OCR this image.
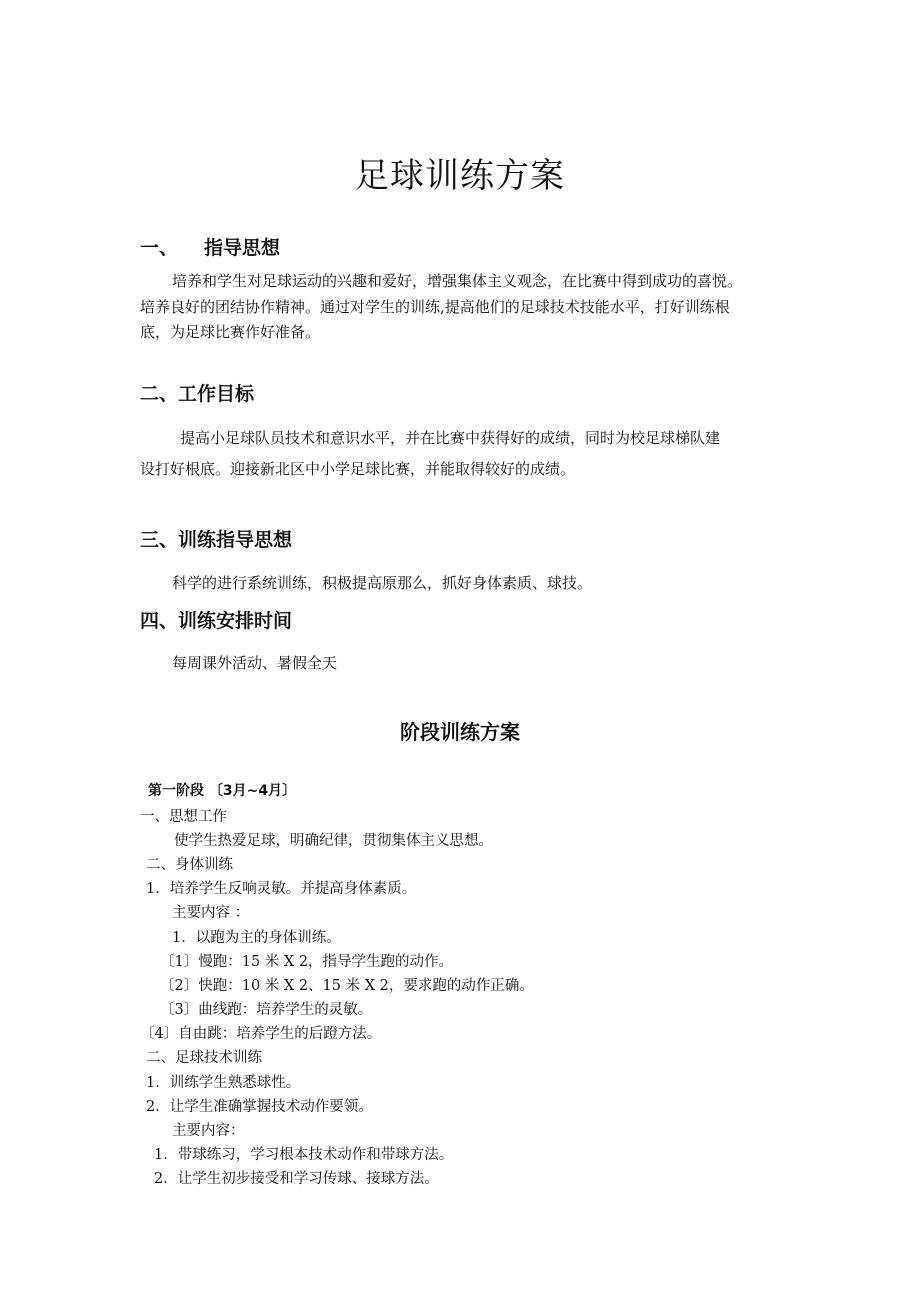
足球训练方案
一、 指导思想
培养和学生对足球运动的兴趣和爱好，增强集体主义观念，在比赛中得到成功的喜悦。
培养良好的团结协作精神。通过对学生的训练,提高他们的足球技术技能水平，打好训练根
底，为足球比赛作好准备。
二、工作目标
提高小足球队员技术和意识水平，并在比赛中获得好的成绩，同时为校足球梯队建
设打好根底。迎接新北区中小学足球比赛，并能取得较好的成绩。
三、训练指导思想
科学的进行系统训练，积极提高原那么，抓好身体素质、球技。
四、训练安排时间
每周课外活动、暑假全天
阶段训练方案
第一阶段 〔3月~4月〕
一、思想工作
使学生热爱足球，明确纪律，贯彻集体主义思想。
二、身体训练
1．培养学生反响灵敏。并提高身体素质。
主要内容 ：
1．以跑为主的身体训练。
〔1〕慢跑：15 米 X 2，指导学生跑的动作。
〔2〕快跑：10 米 X 2、15 米 X 2，要求跑的动作正确。
〔3〕曲线跑：培养学生的灵敏。
〔4〕自由跳：培养学生的后蹬方法。
二、足球技术训练
1．训练学生熟悉球性。
2．让学生准确掌握技术动作要领。
主要内容：
1．带球练习，学习根本技术动作和带球方法。
2．让学生初步接受和学习传球、接球方法。
